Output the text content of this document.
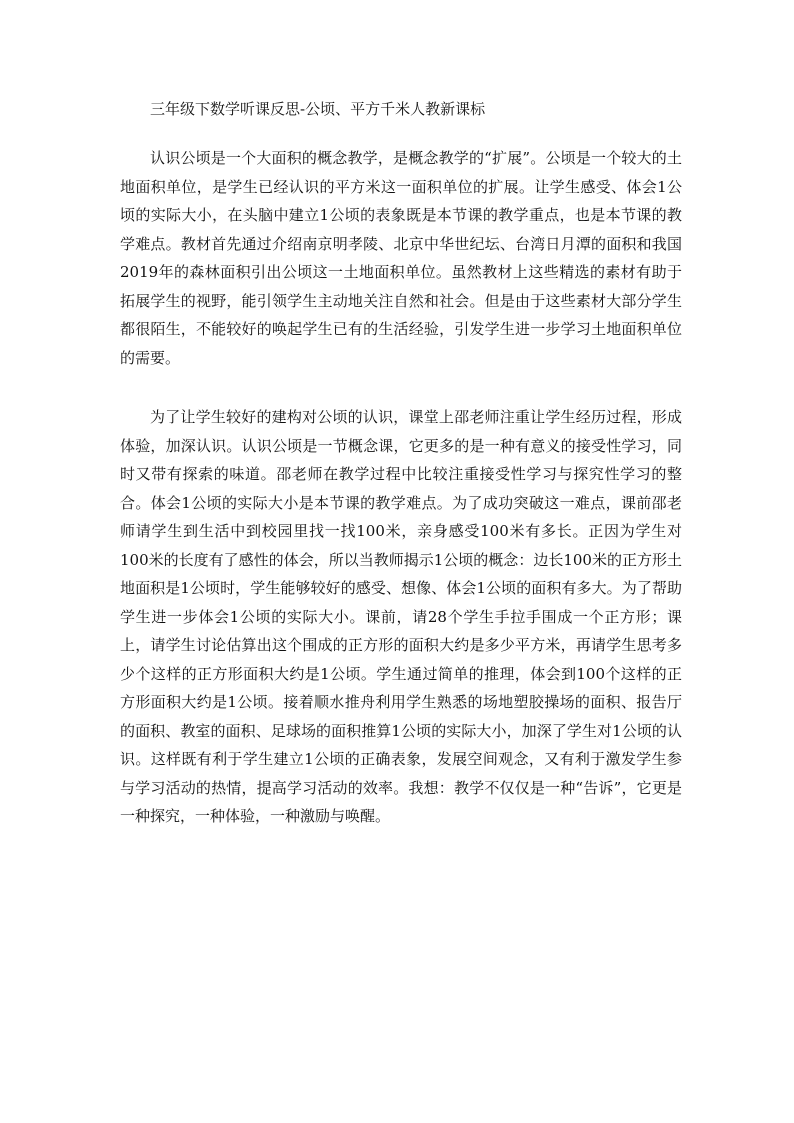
三年级下数学听课反思-公顷、平方千米人教新课标

认识公顷是一个大面积的概念教学，是概念教学的“扩展”。公顷是一个较大的土地面积单位，是学生已经认识的平方米这一面积单位的扩展。让学生感受、体会1公顷的实际大小，在头脑中建立1公顷的表象既是本节课的教学重点，也是本节课的教学难点。教材首先通过介绍南京明孝陵、北京中华世纪坛、台湾日月潭的面积和我国2019年的森林面积引出公顷这一土地面积单位。虽然教材上这些精选的素材有助于拓展学生的视野，能引领学生主动地关注自然和社会。但是由于这些素材大部分学生都很陌生，不能较好的唤起学生已有的生活经验，引发学生进一步学习土地面积单位的需要。

为了让学生较好的建构对公顷的认识，课堂上邵老师注重让学生经历过程，形成体验，加深认识。认识公顷是一节概念课，它更多的是一种有意义的接受性学习，同时又带有探索的味道。邵老师在教学过程中比较注重接受性学习与探究性学习的整合。体会1公顷的实际大小是本节课的教学难点。为了成功突破这一难点，课前邵老师请学生到生活中到校园里找一找100米，亲身感受100米有多长。正因为学生对100米的长度有了感性的体会，所以当教师揭示1公顷的概念：边长100米的正方形土地面积是1公顷时，学生能够较好的感受、想像、体会1公顷的面积有多大。为了帮助学生进一步体会1公顷的实际大小。课前，请28个学生手拉手围成一个正方形；课上，请学生讨论估算出这个围成的正方形的面积大约是多少平方米，再请学生思考多少个这样的正方形面积大约是1公顷。学生通过简单的推理，体会到100个这样的正方形面积大约是1公顷。接着顺水推舟利用学生熟悉的场地塑胶操场的面积、报告厅的面积、教室的面积、足球场的面积推算1公顷的实际大小，加深了学生对1公顷的认识。这样既有利于学生建立1公顷的正确表象，发展空间观念，又有利于激发学生参与学习活动的热情，提高学习活动的效率。我想：教学不仅仅是一种“告诉”，它更是一种探究，一种体验，一种激励与唤醒。
